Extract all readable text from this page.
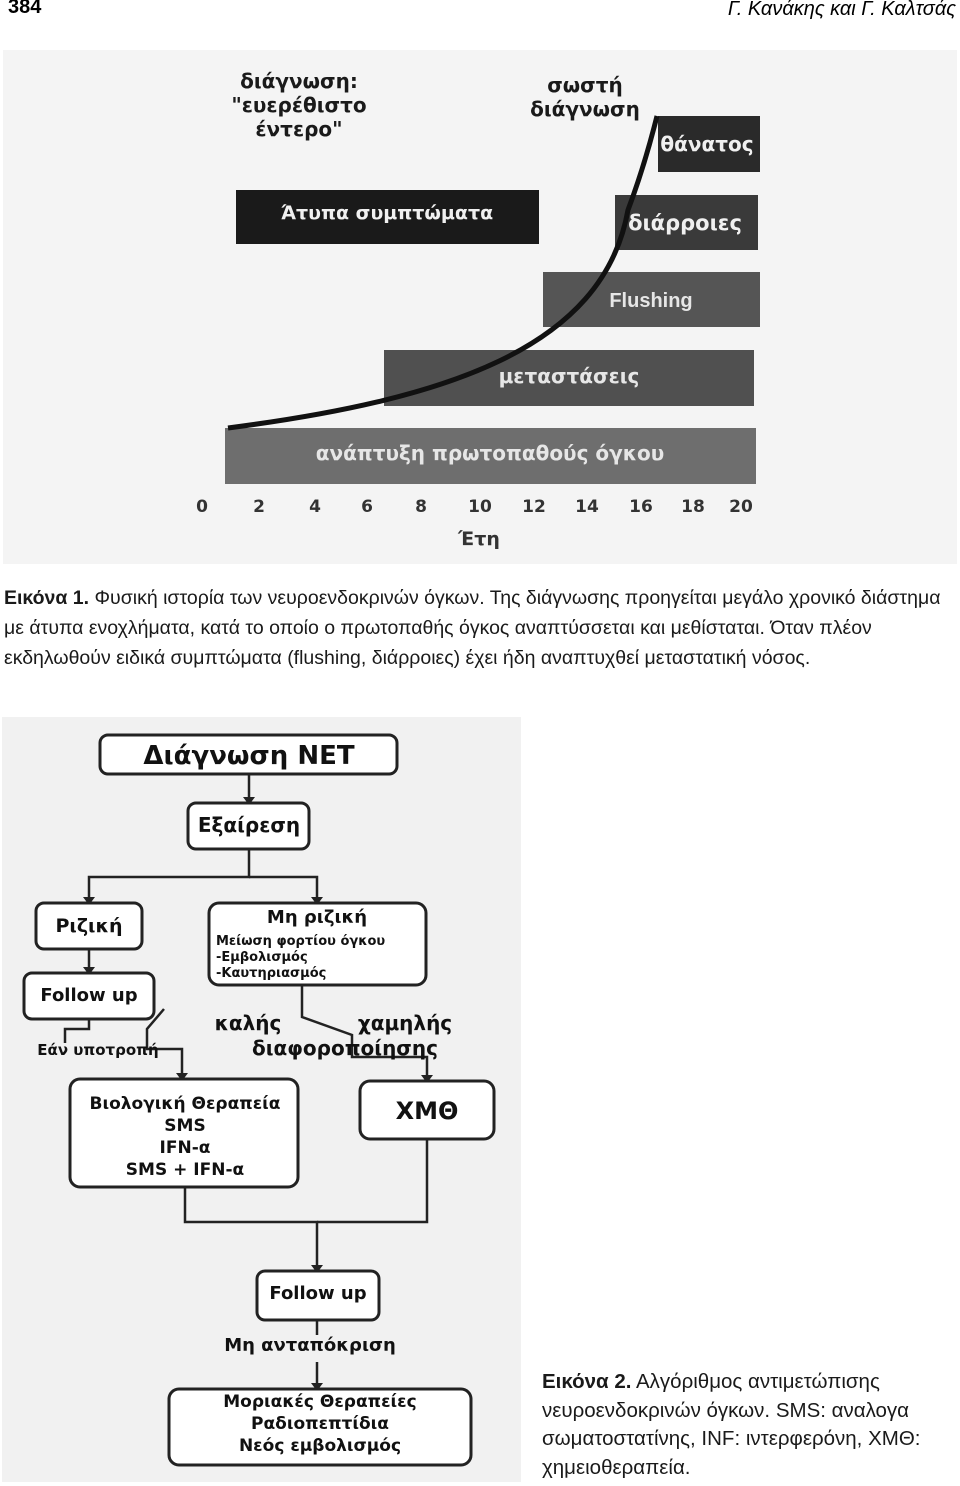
384	Γ. Κανάκης και Γ. Καλτσάς
ανάπτυξη πρωτοπαθούς όγκου
μεταστάσεις
Flushing
διάρροιες
Άτυπα συμπτώματα
θάνατος
διάγνωση:
"ευερέθιστο
έντερο"
σωστή
διάγνωση
0	2	4 6 8 10 12 14 16 18 20
Έτη
Εικόνα 1. Φυσική ιστορία των νευροενδοκρινών όγκων. Της διάγνωσης προηγείται μεγάλο χρονικό διάστημα με άτυπα ενοχλήματα, κατά το οποίο ο πρωτοπαθής όγκος αναπτύσσεται και μεθίσταται. Όταν πλέον εκδηλωθούν ειδικά συμπτώματα (flushing, διάρροιες) έχει ήδη αναπτυχθεί μεταστατική νόσος.
Διάγνωση ΝΕΤ
Εξαίρεση
Ριζική
Follow up
Μη ριζική
Μείωση φορτίου όγκου
-Εμβολισμός
-Καυτηριασμός
καλής	χαμηλής
διαφοροποίησης
Εάν υποτροπή
Βιολογική Θεραπεία
SMS
IFN-α
SMS + IFN-α
ΧΜΘ
Follow up
Μη ανταπόκριση
Μοριακές Θεραπείες
Ραδιοπεπτίδια
Νεός εμβολισμός
Εικόνα 2. Αλγόριθμος αντιμετώπισης νευροενδοκρινών όγκων. SMS: αναλογα σωματοστατίνης, INF: ιντερφερόνη, ΧΜΘ: χημειοθεραπεία.
